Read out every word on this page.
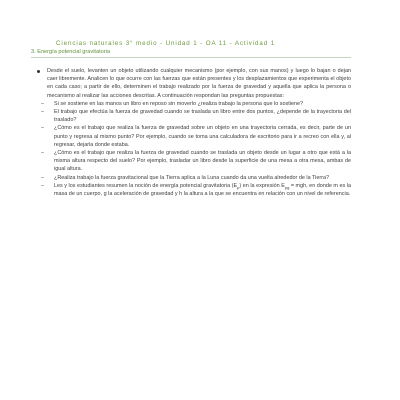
Ciencias naturales 3° medio - Unidad 1 - OA 11 - Actividad 1
3. Energía potencial gravitatoria
Desde el suelo, levanten un objeto utilizando cualquier mecanismo (por ejemplo, con sus manos) y luego lo bajan o dejan caer libremente. Analicen lo que ocurre con las fuerzas que están presentes y los desplazamientos que experimenta el objeto en cada caso; a partir de ello, determinen el trabajo realizado por la fuerza de gravedad y aquella que aplica la persona o mecanismo al realizar las acciones descritas. A continuación respondan las preguntas propuestas:
– Si se sostiene en las manos un libro en reposo sin moverlo ¿realiza trabajo la persona que lo sostiene?
– El trabajo que efectúa la fuerza de gravedad cuando se traslada un libro entre dos puntos, ¿depende de la trayectoria del traslado?
– ¿Cómo es el trabajo que realiza la fuerza de gravedad sobre un objeto en una trayectoria cerrada, es decir, parte de un punto y regresa al mismo punto? Por ejemplo, cuando se toma una calculadora de escritorio para ir a recreo con ella y, al regresar, dejarla donde estaba.
– ¿Cómo es el trabajo que realiza la fuerza de gravedad cuando se traslada un objeto desde un lugar a otro que está a la misma altura respecto del suelo? Por ejemplo, trasladar un libro desde la superficie de una mesa a otra mesa, ambas de igual altura.
– ¿Realiza trabajo la fuerza gravitacional que la Tierra aplica a la Luna cuando da una vuelta alrededor de la Tierra?
– Les y los estudiantes resumen la noción de energía potencial gravitatoria $(E_p)$ en la expresión $E_{pg}$ = mgh, en donde m es la masa de un cuerpo, g la aceleración de gravedad y h la altura a la que se encuentra en relación con un nivel de referencia.
